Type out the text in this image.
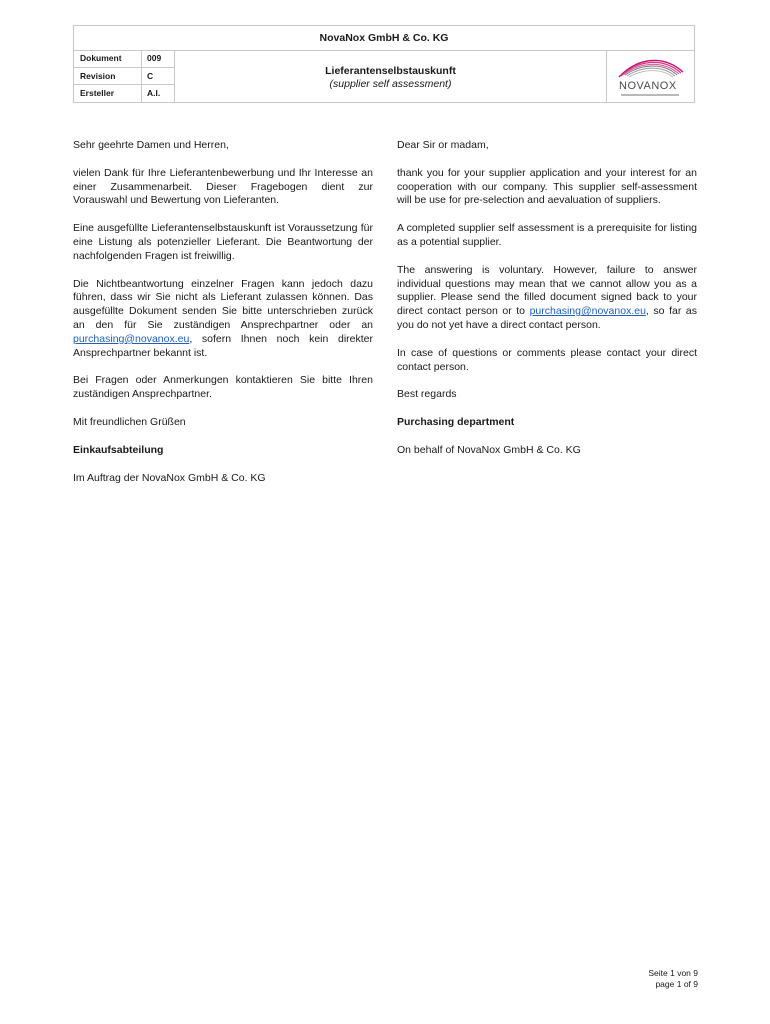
NovaNox GmbH & Co. KG
Dokument	009
Revision	C
Ersteller	A.I.
Lieferantenselbstauskunft
(supplier self assessment)	NOVANOX

Sehr geehrte Damen und Herren,

vielen Dank für Ihre Lieferantenbewerbung und Ihr Interesse an einer Zusammenarbeit. Dieser Fragebogen dient zur Vorauswahl und Bewertung von Lieferanten.

Eine ausgefüllte Lieferantenselbstauskunft ist Voraussetzung für eine Listung als potenzieller Lieferant. Die Beantwortung der nachfolgenden Fragen ist freiwillig.

Die Nichtbeantwortung einzelner Fragen kann jedoch dazu führen, dass wir Sie nicht als Lieferant zulassen können. Das ausgefüllte Dokument senden Sie bitte unterschrieben zurück an den für Sie zuständigen Ansprechpartner oder an purchasing@novanox.eu, sofern Ihnen noch kein direkter Ansprechpartner bekannt ist.

Bei Fragen oder Anmerkungen kontaktieren Sie bitte Ihren zuständigen Ansprechpartner.

Mit freundlichen Grüßen

Einkaufsabteilung

Im Auftrag der NovaNox GmbH & Co. KG

Dear Sir or madam,

thank you for your supplier application and your interest for an cooperation with our company. This supplier self-assessment will be use for pre-selection and aevaluation of suppliers.

A completed supplier self assessment is a prerequisite for listing as a potential supplier.

The answering is voluntary. However, failure to answer individual questions may mean that we cannot allow you as a supplier. Please send the filled document signed back to your direct contact person or to purchasing@novanox.eu, so far as you do not yet have a direct contact person.

In case of questions or comments please contact your direct contact person.

Best regards

Purchasing department

On behalf of NovaNox GmbH & Co. KG

Seite 1 von 9
page 1 of 9
